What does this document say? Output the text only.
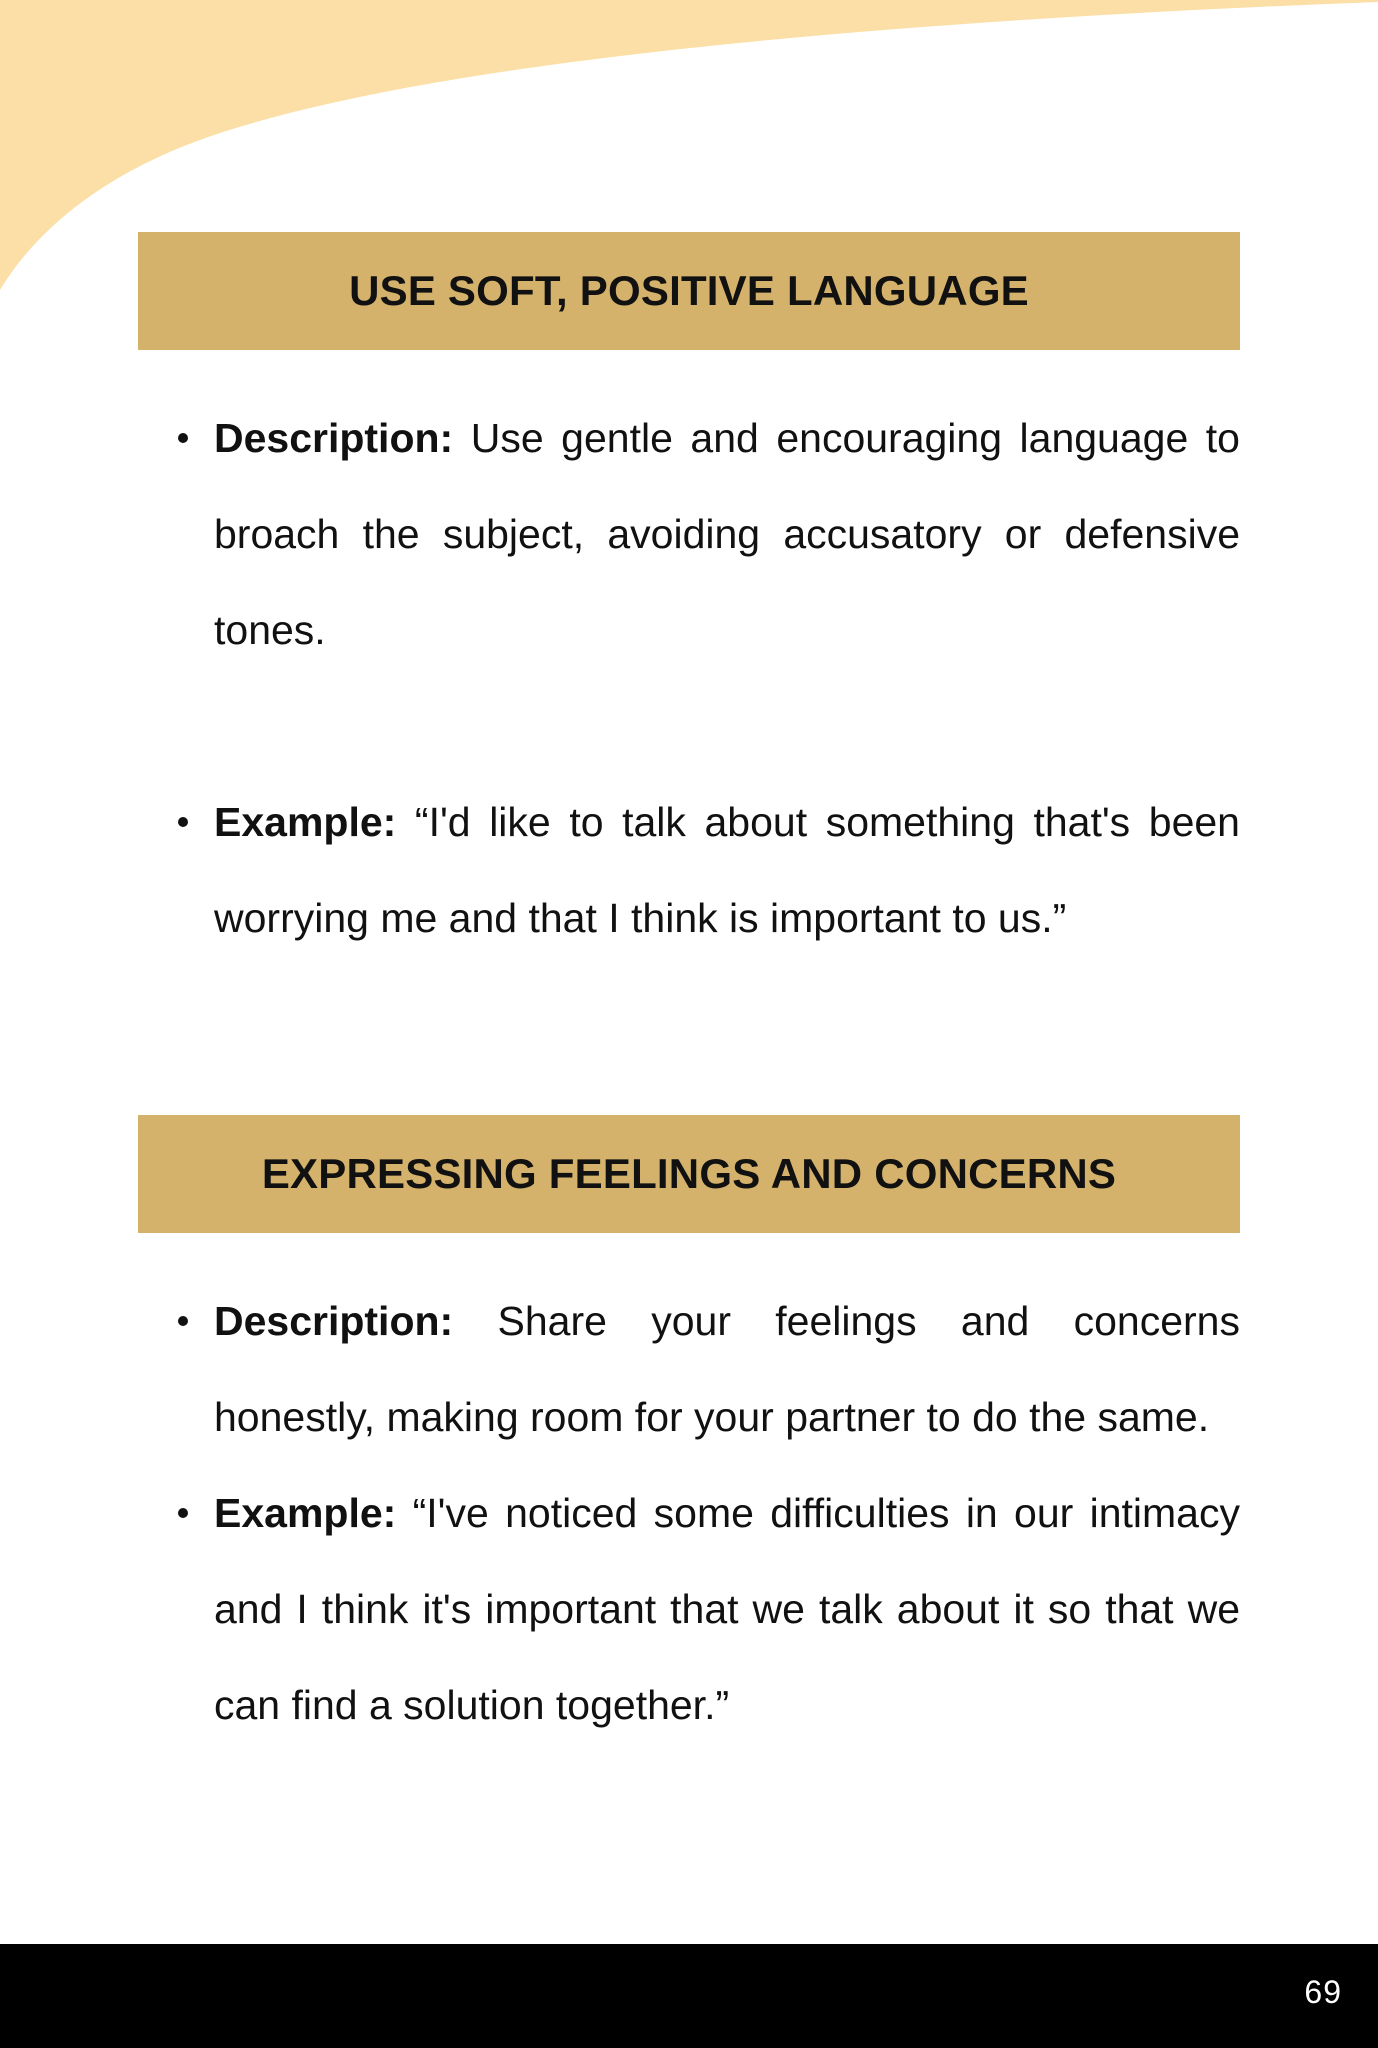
USE SOFT, POSITIVE LANGUAGE
Description: Use gentle and encouraging language to broach the subject, avoiding accusatory or defensive tones.
Example: “I'd like to talk about something that's been worrying me and that I think is important to us.”
EXPRESSING FEELINGS AND CONCERNS
Description: Share your feelings and concerns honestly, making room for your partner to do the same.
Example: “I've noticed some difficulties in our intimacy and I think it's important that we talk about it so that we can find a solution together.”
69
